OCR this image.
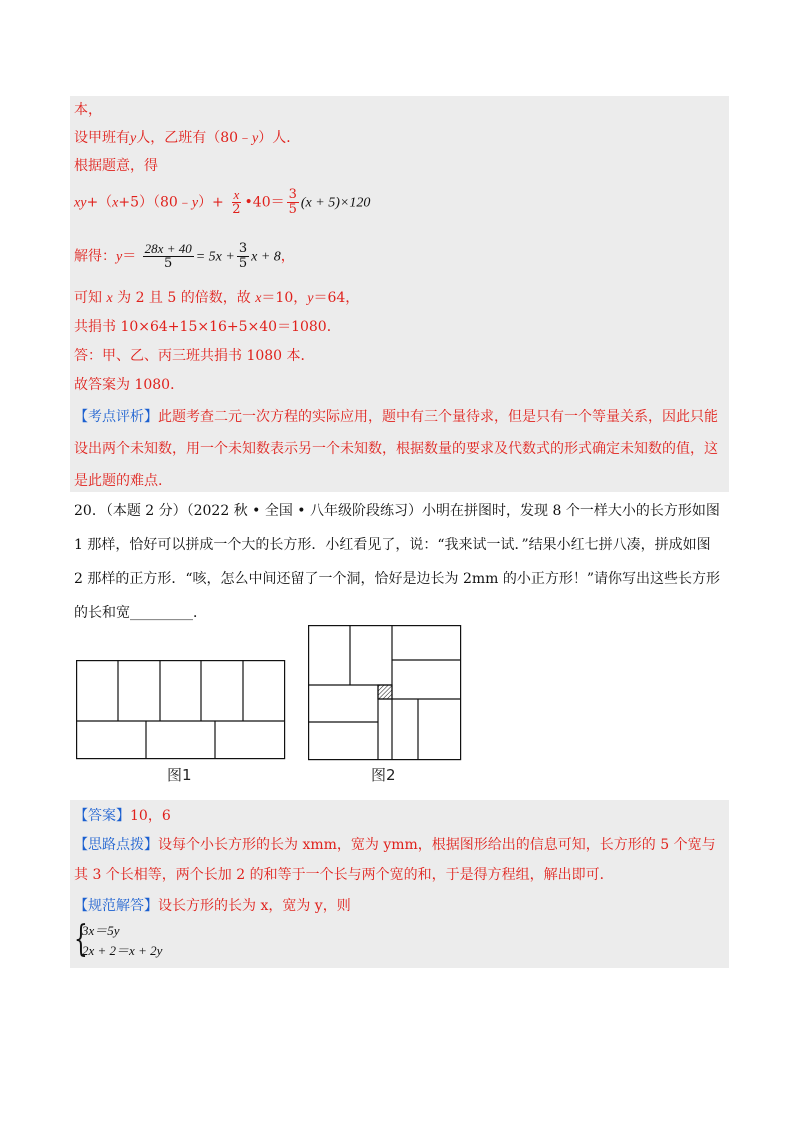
本，
设甲班有y人，乙班有（80﹣y）人．
根据题意，得
xy+（x+5）（80﹣y）+ $\frac{x}{2}$ •40＝ $\frac{3}{5} (x + 5)\times 120$
解得：$y= \frac{28x + 40}{5} = 5x + \frac{3}{5}$ x + 8，
可知 x 为 2 且 5 的倍数，故 x＝10，y＝64，
共捐书 10×64+15×16+5×40＝1080．
答：甲、乙、丙三班共捐书 1080 本．
故答案为 1080．
【考点评析】此题考查二元一次方程的实际应用，题中有三个量待求，但是只有一个等量关系，因此只能设出两个未知数，用一个未知数表示另一个未知数，根据数量的要求及代数式的形式确定未知数的值，这是此题的难点.
20．（本题 2 分）（2022 秋 • 全国 • 八年级阶段练习）小明在拼图时，发现 8 个一样大小的长方形如图 1 那样，恰好可以拼成一个大的长方形．小红看见了，说：“我来试一试．”结果小红七拼八凑，拼成如图 2 那样的正方形．“咳，怎么中间还留了一个洞，恰好是边长为 2mm 的小正方形！”请你写出这些长方形的长和宽_________．
图1	图2
【答案】10，6
【思路点拨】设每个小长方形的长为 xmm，宽为 ymm，根据图形给出的信息可知，长方形的 5 个宽与其 3 个长相等，两个长加 2 的和等于一个长与两个宽的和，于是得方程组，解出即可．
【规范解答】设长方形的长为 x，宽为 y，则
{
3x＝5y
2x + 2＝x + 2y
